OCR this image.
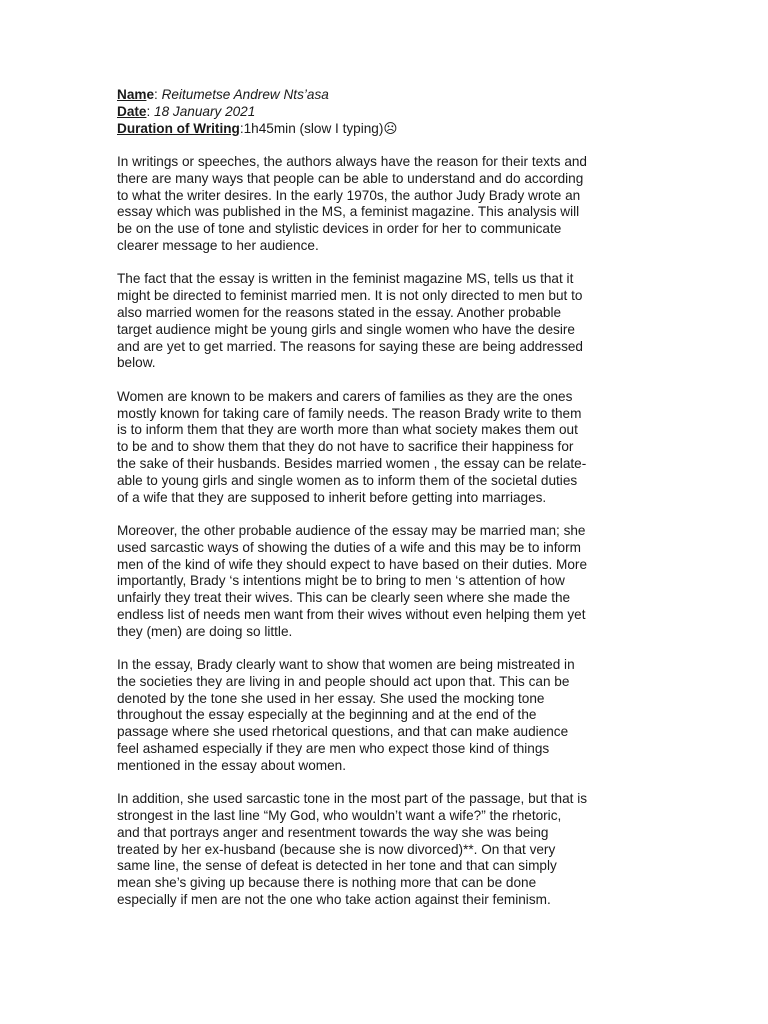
Name: Reitumetse Andrew Nts’asa

Date: 18 January 2021

Duration of Writing:1h45min (slow I typing)☹

In writings or speeches, the authors always have the reason for their texts and
there are many ways that people can be able to understand and do according
to what the writer desires. In the early 1970s, the author Judy Brady wrote an
essay which was published in the MS, a feminist magazine. This analysis will
be on the use of tone and stylistic devices in order for her to communicate
clearer message to her audience.

The fact that the essay is written in the feminist magazine MS, tells us that it
might be directed to feminist married men. It is not only directed to men but to
also married women for the reasons stated in the essay. Another probable
target audience might be young girls and single women who have the desire
and are yet to get married. The reasons for saying these are being addressed
below.

Women are known to be makers and carers of families as they are the ones
mostly known for taking care of family needs. The reason Brady write to them
is to inform them that they are worth more than what society makes them out
to be and to show them that they do not have to sacrifice their happiness for
the sake of their husbands. Besides married women , the essay can be relate-
able to young girls and single women as to inform them of the societal duties
of a wife that they are supposed to inherit before getting into marriages.

Moreover, the other probable audience of the essay may be married man; she
used sarcastic ways of showing the duties of a wife and this may be to inform
men of the kind of wife they should expect to have based on their duties. More
importantly, Brady ‘s intentions might be to bring to men ‘s attention of how
unfairly they treat their wives. This can be clearly seen where she made the
endless list of needs men want from their wives without even helping them yet
they (men) are doing so little.

In the essay, Brady clearly want to show that women are being mistreated in
the societies they are living in and people should act upon that. This can be
denoted by the tone she used in her essay. She used the mocking tone
throughout the essay especially at the beginning and at the end of the
passage where she used rhetorical questions, and that can make audience
feel ashamed especially if they are men who expect those kind of things
mentioned in the essay about women.

In addition, she used sarcastic tone in the most part of the passage, but that is
strongest in the last line “My God, who wouldn’t want a wife?” the rhetoric,
and that portrays anger and resentment towards the way she was being
treated by her ex-husband (because she is now divorced)**. On that very
same line, the sense of defeat is detected in her tone and that can simply
mean she’s giving up because there is nothing more that can be done
especially if men are not the one who take action against their feminism.
